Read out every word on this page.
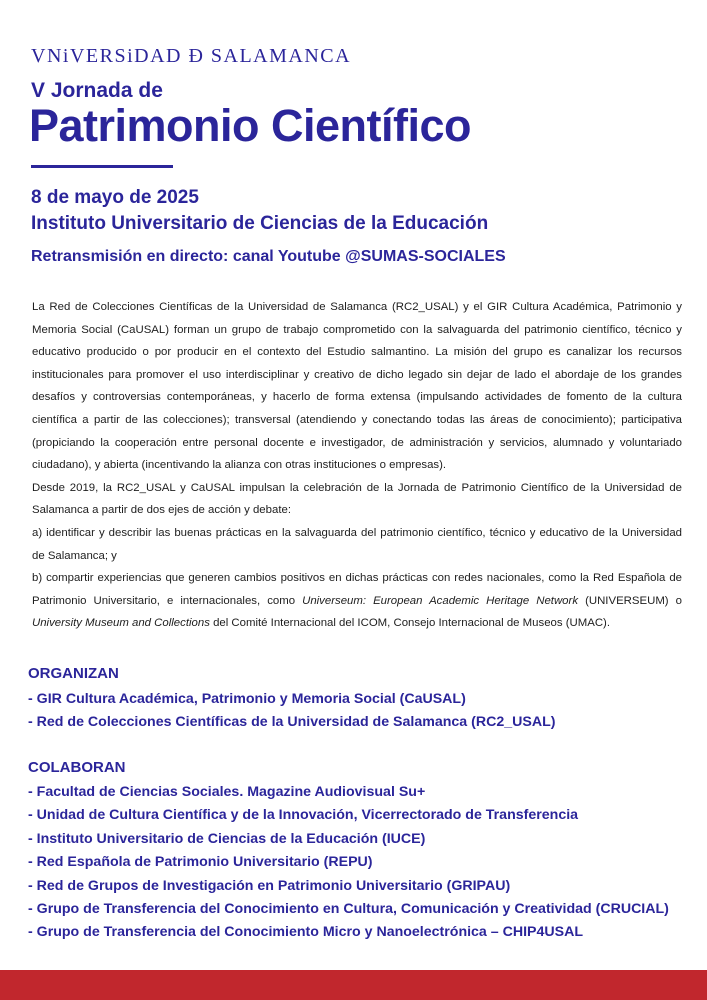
VNiVERSiDAD Ð SALAMANCA
V Jornada de
Patrimonio Científico
8 de mayo de 2025
Instituto Universitario de Ciencias de la Educación
Retransmisión en directo: canal Youtube @SUMAS-SOCIALES

La Red de Colecciones Científicas de la Universidad de Salamanca (RC2_USAL) y el GIR Cultura Académica, Patrimonio y Memoria Social (CaUSAL) forman un grupo de trabajo comprometido con la salvaguarda del patrimonio científico, técnico y educativo producido o por producir en el contexto del Estudio salmantino. La misión del grupo es canalizar los recursos institucionales para promover el uso interdisciplinar y creativo de dicho legado sin dejar de lado el abordaje de los grandes desafíos y controversias contemporáneas, y hacerlo de forma extensa (impulsando actividades de fomento de la cultura científica a partir de las colecciones); transversal (atendiendo y conectando todas las áreas de conocimiento); participativa (propiciando la cooperación entre personal docente e investigador, de administración y servicios, alumnado y voluntariado ciudadano), y abierta (incentivando la alianza con otras instituciones o empresas).

Desde 2019, la RC2_USAL y CaUSAL impulsan la celebración de la Jornada de Patrimonio Científico de la Universidad de Salamanca a partir de dos ejes de acción y debate:

a) identificar y describir las buenas prácticas en la salvaguarda del patrimonio científico, técnico y educativo de la Universidad de Salamanca; y

b) compartir experiencias que generen cambios positivos en dichas prácticas con redes nacionales, como la Red Española de Patrimonio Universitario, e internacionales, como Universeum: European Academic Heritage Network (UNIVERSEUM) o University Museum and Collections del Comité Internacional del ICOM, Consejo Internacional de Museos (UMAC).

ORGANIZAN
- GIR Cultura Académica, Patrimonio y Memoria Social (CaUSAL)
- Red de Colecciones Científicas de la Universidad de Salamanca (RC2_USAL)
COLABORAN
- Facultad de Ciencias Sociales. Magazine Audiovisual Su+
- Unidad de Cultura Científica y de la Innovación, Vicerrectorado de Transferencia
- Instituto Universitario de Ciencias de la Educación (IUCE)
- Red Española de Patrimonio Universitario (REPU)
- Red de Grupos de Investigación en Patrimonio Universitario (GRIPAU)
- Grupo de Transferencia del Conocimiento en Cultura, Comunicación y Creatividad (CRUCIAL)
- Grupo de Transferencia del Conocimiento Micro y Nanoelectrónica – CHIP4USAL
